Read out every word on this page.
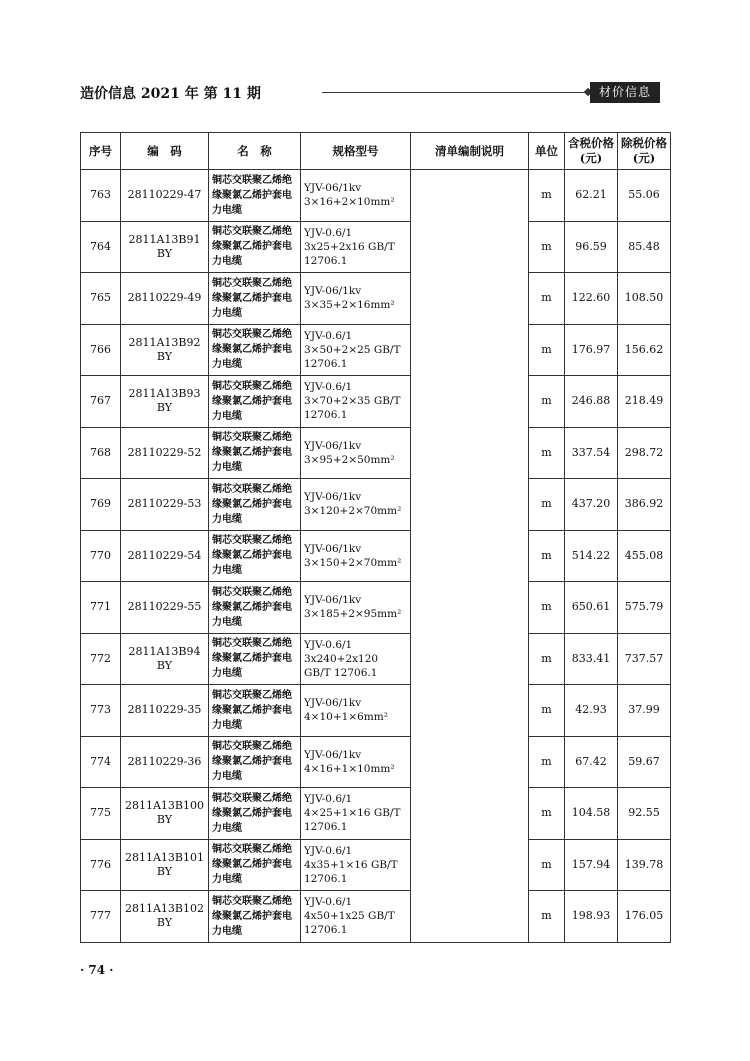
造价信息 2021 年 第 11 期	材价信息
序号	编　码	名　称	规格型号	清单编制说明	单位	含税价格(元)	除税价格(元)
763	28110229-47	铜芯交联聚乙烯绝缘聚氯乙烯护套电力电缆	YJV-06/1kv 3×16+2×10mm²		m	62.21	55.06
764	2811A13B91 BY	铜芯交联聚乙烯绝缘聚氯乙烯护套电力电缆	YJV-0.6/1 3x25+2x16 GB/T 12706.1		m	96.59	85.48
765	28110229-49	铜芯交联聚乙烯绝缘聚氯乙烯护套电力电缆	YJV-06/1kv 3×35+2×16mm²		m	122.60	108.50
766	2811A13B92 BY	铜芯交联聚乙烯绝缘聚氯乙烯护套电力电缆	YJV-0.6/1 3×50+2×25 GB/T 12706.1		m	176.97	156.62
767	2811A13B93 BY	铜芯交联聚乙烯绝缘聚氯乙烯护套电力电缆	YJV-0.6/1 3×70+2×35 GB/T 12706.1		m	246.88	218.49
768	28110229-52	铜芯交联聚乙烯绝缘聚氯乙烯护套电力电缆	YJV-06/1kv 3×95+2×50mm²		m	337.54	298.72
769	28110229-53	铜芯交联聚乙烯绝缘聚氯乙烯护套电力电缆	YJV-06/1kv 3×120+2×70mm²		m	437.20	386.92
770	28110229-54	铜芯交联聚乙烯绝缘聚氯乙烯护套电力电缆	YJV-06/1kv 3×150+2×70mm²		m	514.22	455.08
771	28110229-55	铜芯交联聚乙烯绝缘聚氯乙烯护套电力电缆	YJV-06/1kv 3×185+2×95mm²		m	650.61	575.79
772	2811A13B94 BY	铜芯交联聚乙烯绝缘聚氯乙烯护套电力电缆	YJV-0.6/1 3x240+2x120 GB/T 12706.1		m	833.41	737.57
773	28110229-35	铜芯交联聚乙烯绝缘聚氯乙烯护套电力电缆	YJV-06/1kv 4×10+1×6mm²		m	42.93	37.99
774	28110229-36	铜芯交联聚乙烯绝缘聚氯乙烯护套电力电缆	YJV-06/1kv 4×16+1×10mm²		m	67.42	59.67
775	2811A13B100 BY	铜芯交联聚乙烯绝缘聚氯乙烯护套电力电缆	YJV-0.6/1 4×25+1×16 GB/T 12706.1		m	104.58	92.55
776	2811A13B101 BY	铜芯交联聚乙烯绝缘聚氯乙烯护套电力电缆	YJV-0.6/1 4x35+1×16 GB/T 12706.1		m	157.94	139.78
777	2811A13B102 BY	铜芯交联聚乙烯绝缘聚氯乙烯护套电力电缆	YJV-0.6/1 4x50+1x25 GB/T 12706.1		m	198.93	176.05
· 74 ·
